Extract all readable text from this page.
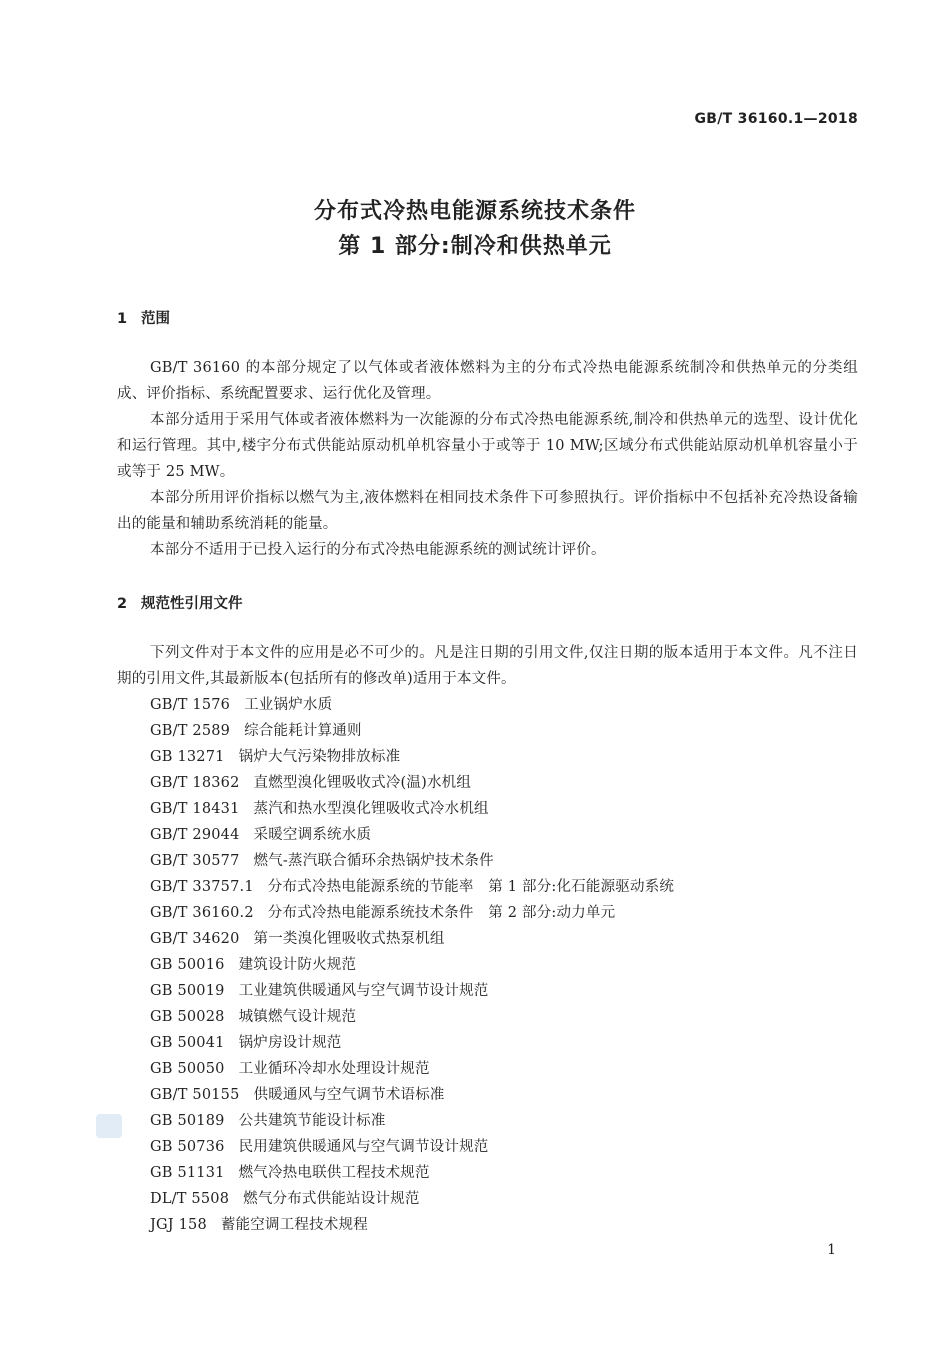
GB/T 36160.1—2018
分布式冷热电能源系统技术条件
第 1 部分:制冷和供热单元
1 范围

GB/T 36160 的本部分规定了以气体或者液体燃料为主的分布式冷热电能源系统制冷和供热单元的分类组成、评价指标、系统配置要求、运行优化及管理。

本部分适用于采用气体或者液体燃料为一次能源的分布式冷热电能源系统,制冷和供热单元的选型、设计优化和运行管理。其中,楼宇分布式供能站原动机单机容量小于或等于 10 MW;区域分布式供能站原动机单机容量小于或等于 25 MW。

本部分所用评价指标以燃气为主,液体燃料在相同技术条件下可参照执行。评价指标中不包括补充冷热设备输出的能量和辅助系统消耗的能量。

本部分不适用于已投入运行的分布式冷热电能源系统的测试统计评价。

2 规范性引用文件

下列文件对于本文件的应用是必不可少的。凡是注日期的引用文件,仅注日期的版本适用于本文件。凡不注日期的引用文件,其最新版本(包括所有的修改单)适用于本文件。

GB/T 1576 工业锅炉水质
GB/T 2589 综合能耗计算通则
GB 13271 锅炉大气污染物排放标准
GB/T 18362 直燃型溴化锂吸收式冷(温)水机组
GB/T 18431 蒸汽和热水型溴化锂吸收式冷水机组
GB/T 29044 采暖空调系统水质
GB/T 30577 燃气-蒸汽联合循环余热锅炉技术条件
GB/T 33757.1 分布式冷热电能源系统的节能率　第 1 部分:化石能源驱动系统
GB/T 36160.2 分布式冷热电能源系统技术条件　第 2 部分:动力单元
GB/T 34620 第一类溴化锂吸收式热泵机组
GB 50016 建筑设计防火规范
GB 50019 工业建筑供暖通风与空气调节设计规范
GB 50028 城镇燃气设计规范
GB 50041 锅炉房设计规范
GB 50050 工业循环冷却水处理设计规范
GB/T 50155 供暖通风与空气调节术语标准
GB 50189 公共建筑节能设计标准
GB 50736 民用建筑供暖通风与空气调节设计规范
GB 51131 燃气冷热电联供工程技术规范
DL/T 5508 燃气分布式供能站设计规范
JGJ 158 蓄能空调工程技术规程
1
